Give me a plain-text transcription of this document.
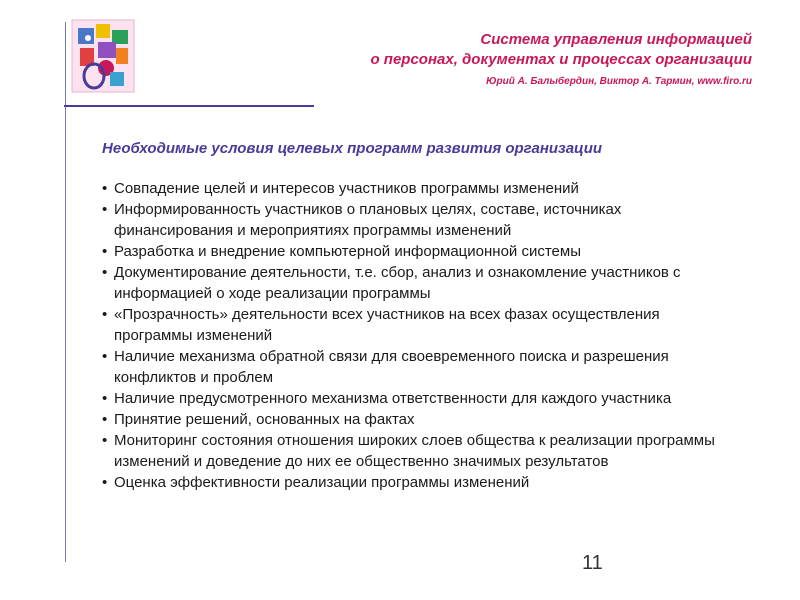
Система управления информацией
о персонах, документах и процессах организации
Юрий А. Балыбердин, Виктор А. Тармин, www.firo.ru
Необходимые условия целевых программ развития организации
• Совпадение целей и интересов участников программы изменений
• Информированность участников о плановых целях, составе, источниках финансирования и мероприятиях программы изменений
• Разработка и внедрение компьютерной информационной системы
• Документирование деятельности, т.е. сбор, анализ и ознакомление участников с информацией о ходе реализации программы
• «Прозрачность» деятельности всех участников на всех фазах осуществления программы изменений
• Наличие механизма обратной связи для своевременного поиска и разрешения конфликтов и проблем
• Наличие предусмотренного механизма ответственности для каждого участника
• Принятие решений, основанных на фактах
• Мониторинг состояния отношения широких слоев общества к реализации программы изменений и доведение до них ее общественно значимых результатов
• Оценка эффективности реализации программы изменений
11
